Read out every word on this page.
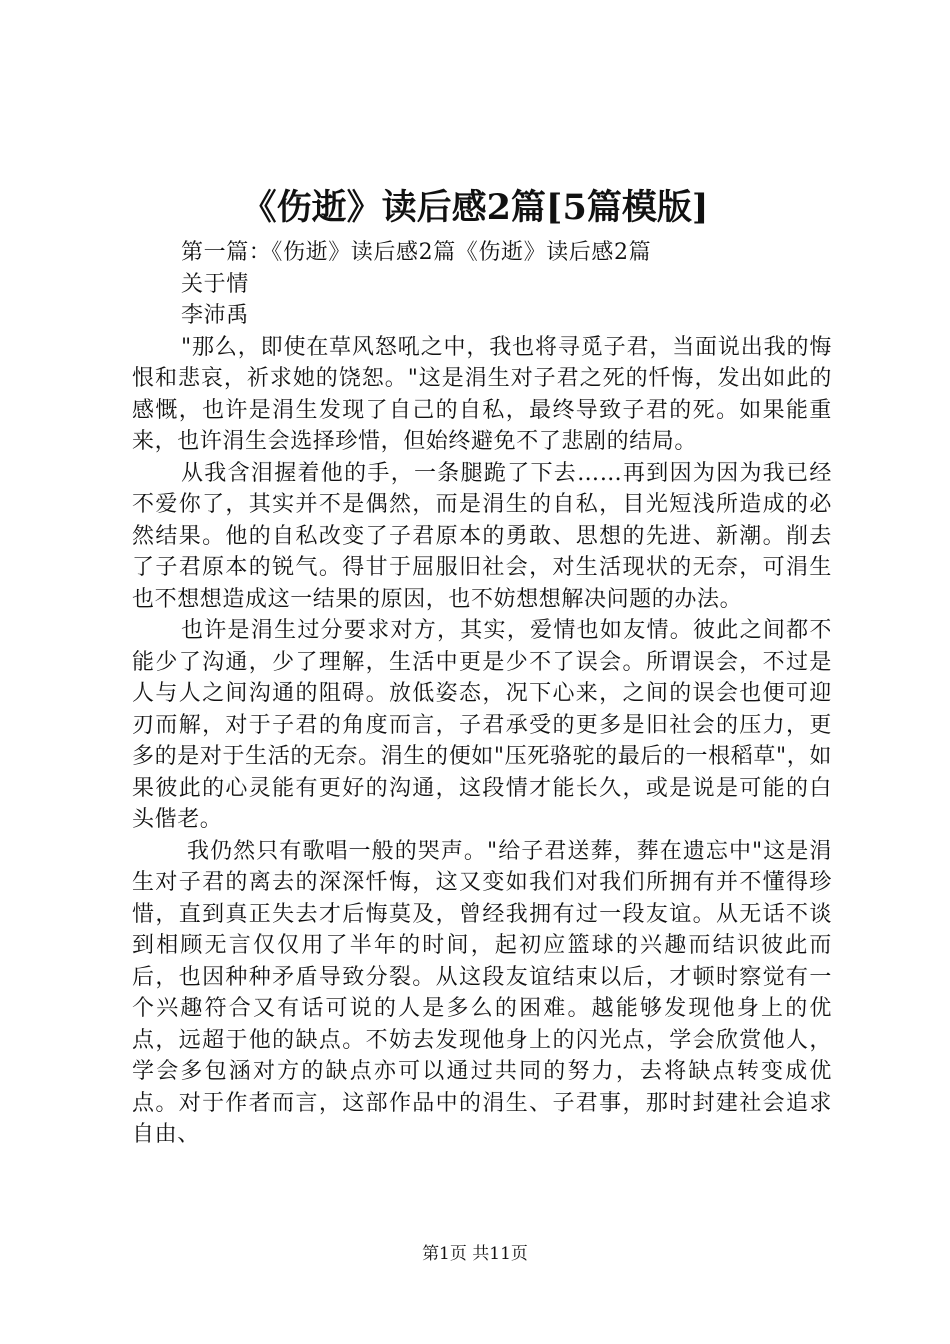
《伤逝》读后感2篇[5篇模版]

第一篇：《伤逝》读后感2篇《伤逝》读后感2篇

关于情

李沛禹

"那么，即使在草风怒吼之中，我也将寻觅子君，当面说出我的悔恨和悲哀，祈求她的饶恕。"这是涓生对子君之死的忏悔，发出如此的感慨，也许是涓生发现了自己的自私，最终导致子君的死。如果能重来，也许涓生会选择珍惜，但始终避免不了悲剧的结局。

从我含泪握着他的手，一条腿跪了下去……再到因为因为我已经不爱你了，其实并不是偶然，而是涓生的自私，目光短浅所造成的必然结果。他的自私改变了子君原本的勇敢、思想的先进、新潮。削去了子君原本的锐气。得甘于屈服旧社会，对生活现状的无奈，可涓生也不想想造成这一结果的原因，也不妨想想解决问题的办法。

也许是涓生过分要求对方，其实，爱情也如友情。彼此之间都不能少了沟通，少了理解，生活中更是少不了误会。所谓误会，不过是人与人之间沟通的阻碍。放低姿态，况下心来，之间的误会也便可迎刃而解，对于子君的角度而言，子君承受的更多是旧社会的压力，更多的是对于生活的无奈。涓生的便如"压死骆驼的最后的一根稻草"，如果彼此的心灵能有更好的沟通，这段情才能长久，或是说是可能的白头偕老。

我仍然只有歌唱一般的哭声。"给子君送葬，葬在遗忘中"这是涓生对子君的离去的深深忏悔，这又变如我们对我们所拥有并不懂得珍惜，直到真正失去才后悔莫及，曾经我拥有过一段友谊。从无话不谈到相顾无言仅仅用了半年的时间，起初应篮球的兴趣而结识彼此而后，也因种种矛盾导致分裂。从这段友谊结束以后，才顿时察觉有一个兴趣符合又有话可说的人是多么的困难。越能够发现他身上的优点，远超于他的缺点。不妨去发现他身上的闪光点，学会欣赏他人，学会多包涵对方的缺点亦可以通过共同的努力，去将缺点转变成优点。对于作者而言，这部作品中的涓生、子君事，那时封建社会追求自由、

第1页 共11页
